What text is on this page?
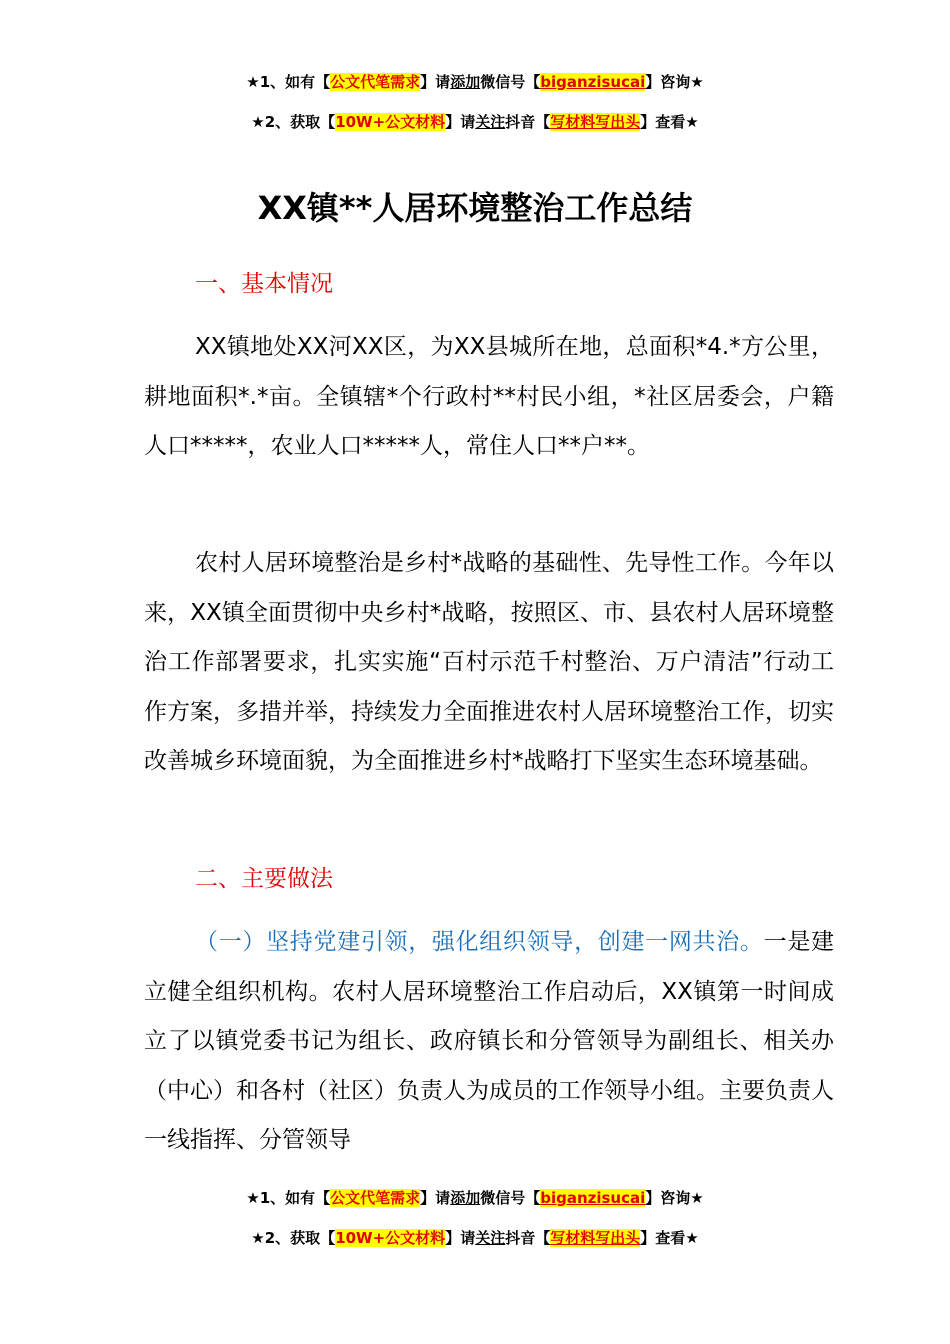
★1、如有【公文代笔需求】请添加微信号【biganzisucai】咨询★
★2、获取【10W+公文材料】请关注抖音【写材料写出头】查看★
XX镇**人居环境整治工作总结
一、基本情况

XX镇地处XX河XX区，为XX县城所在地，总面积*4.*方公里，耕地面积*.*亩。全镇辖*个行政村**村民小组，*社区居委会，户籍人口*****，农业人口*****人，常住人口**户**。

农村人居环境整治是乡村*战略的基础性、先导性工作。今年以来，XX镇全面贯彻中央乡村*战略，按照区、市、县农村人居环境整治工作部署要求，扎实实施“百村示范千村整治、万户清洁”行动工作方案，多措并举，持续发力全面推进农村人居环境整治工作，切实改善城乡环境面貌，为全面推进乡村*战略打下坚实生态环境基础。

二、主要做法

（一）坚持党建引领，强化组织领导，创建一网共治。一是建立健全组织机构。农村人居环境整治工作启动后，XX镇第一时间成立了以镇党委书记为组长、政府镇长和分管领导为副组长、相关办（中心）和各村（社区）负责人为成员的工作领导小组。主要负责人一线指挥、分管领导

★1、如有【公文代笔需求】请添加微信号【biganzisucai】咨询★
★2、获取【10W+公文材料】请关注抖音【写材料写出头】查看★
